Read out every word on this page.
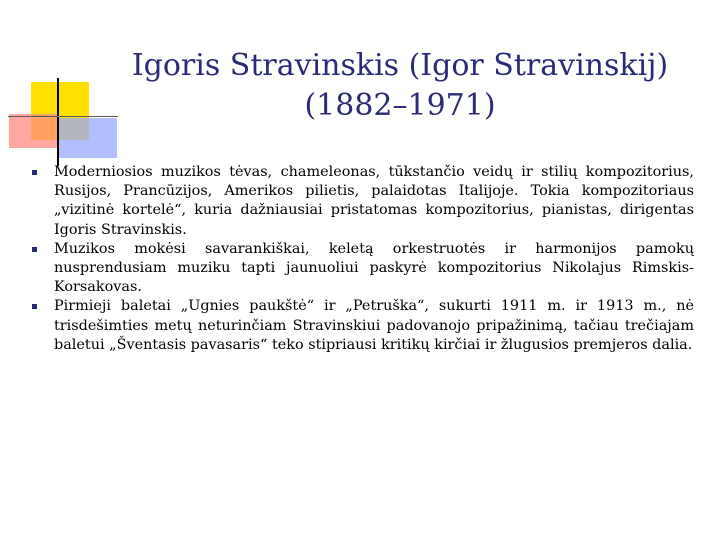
Igoris Stravinskis (Igor Stravinskij)
(1882–1971)
Moderniosios muzikos tėvas, chameleonas, tūkstančio veidų ir stilių kompozitorius, Rusijos, Prancūzijos, Amerikos pilietis, palaidotas Italijoje. Tokia kompozitoriaus „vizitinė kortelė“, kuria dažniausiai pristatomas kompozitorius, pianistas, dirigentas Igoris Stravinskis.
Muzikos mokėsi savarankiškai, keletą orkestruotės ir harmonijos pamokų nusprendusiam muziku tapti jaunuoliui paskyrė kompozitorius Nikolajus Rimskis-Korsakovas.
Pirmieji baletai „Ugnies paukštė“ ir „Petruška“, sukurti 1911 m. ir 1913 m., nė trisdešimties metų neturinčiam Stravinskiui padovanojo pripažinimą, tačiau trečiajam baletui „Šventasis pavasaris“ teko stipriausi kritikų kirčiai ir žlugusios premjeros dalia.
